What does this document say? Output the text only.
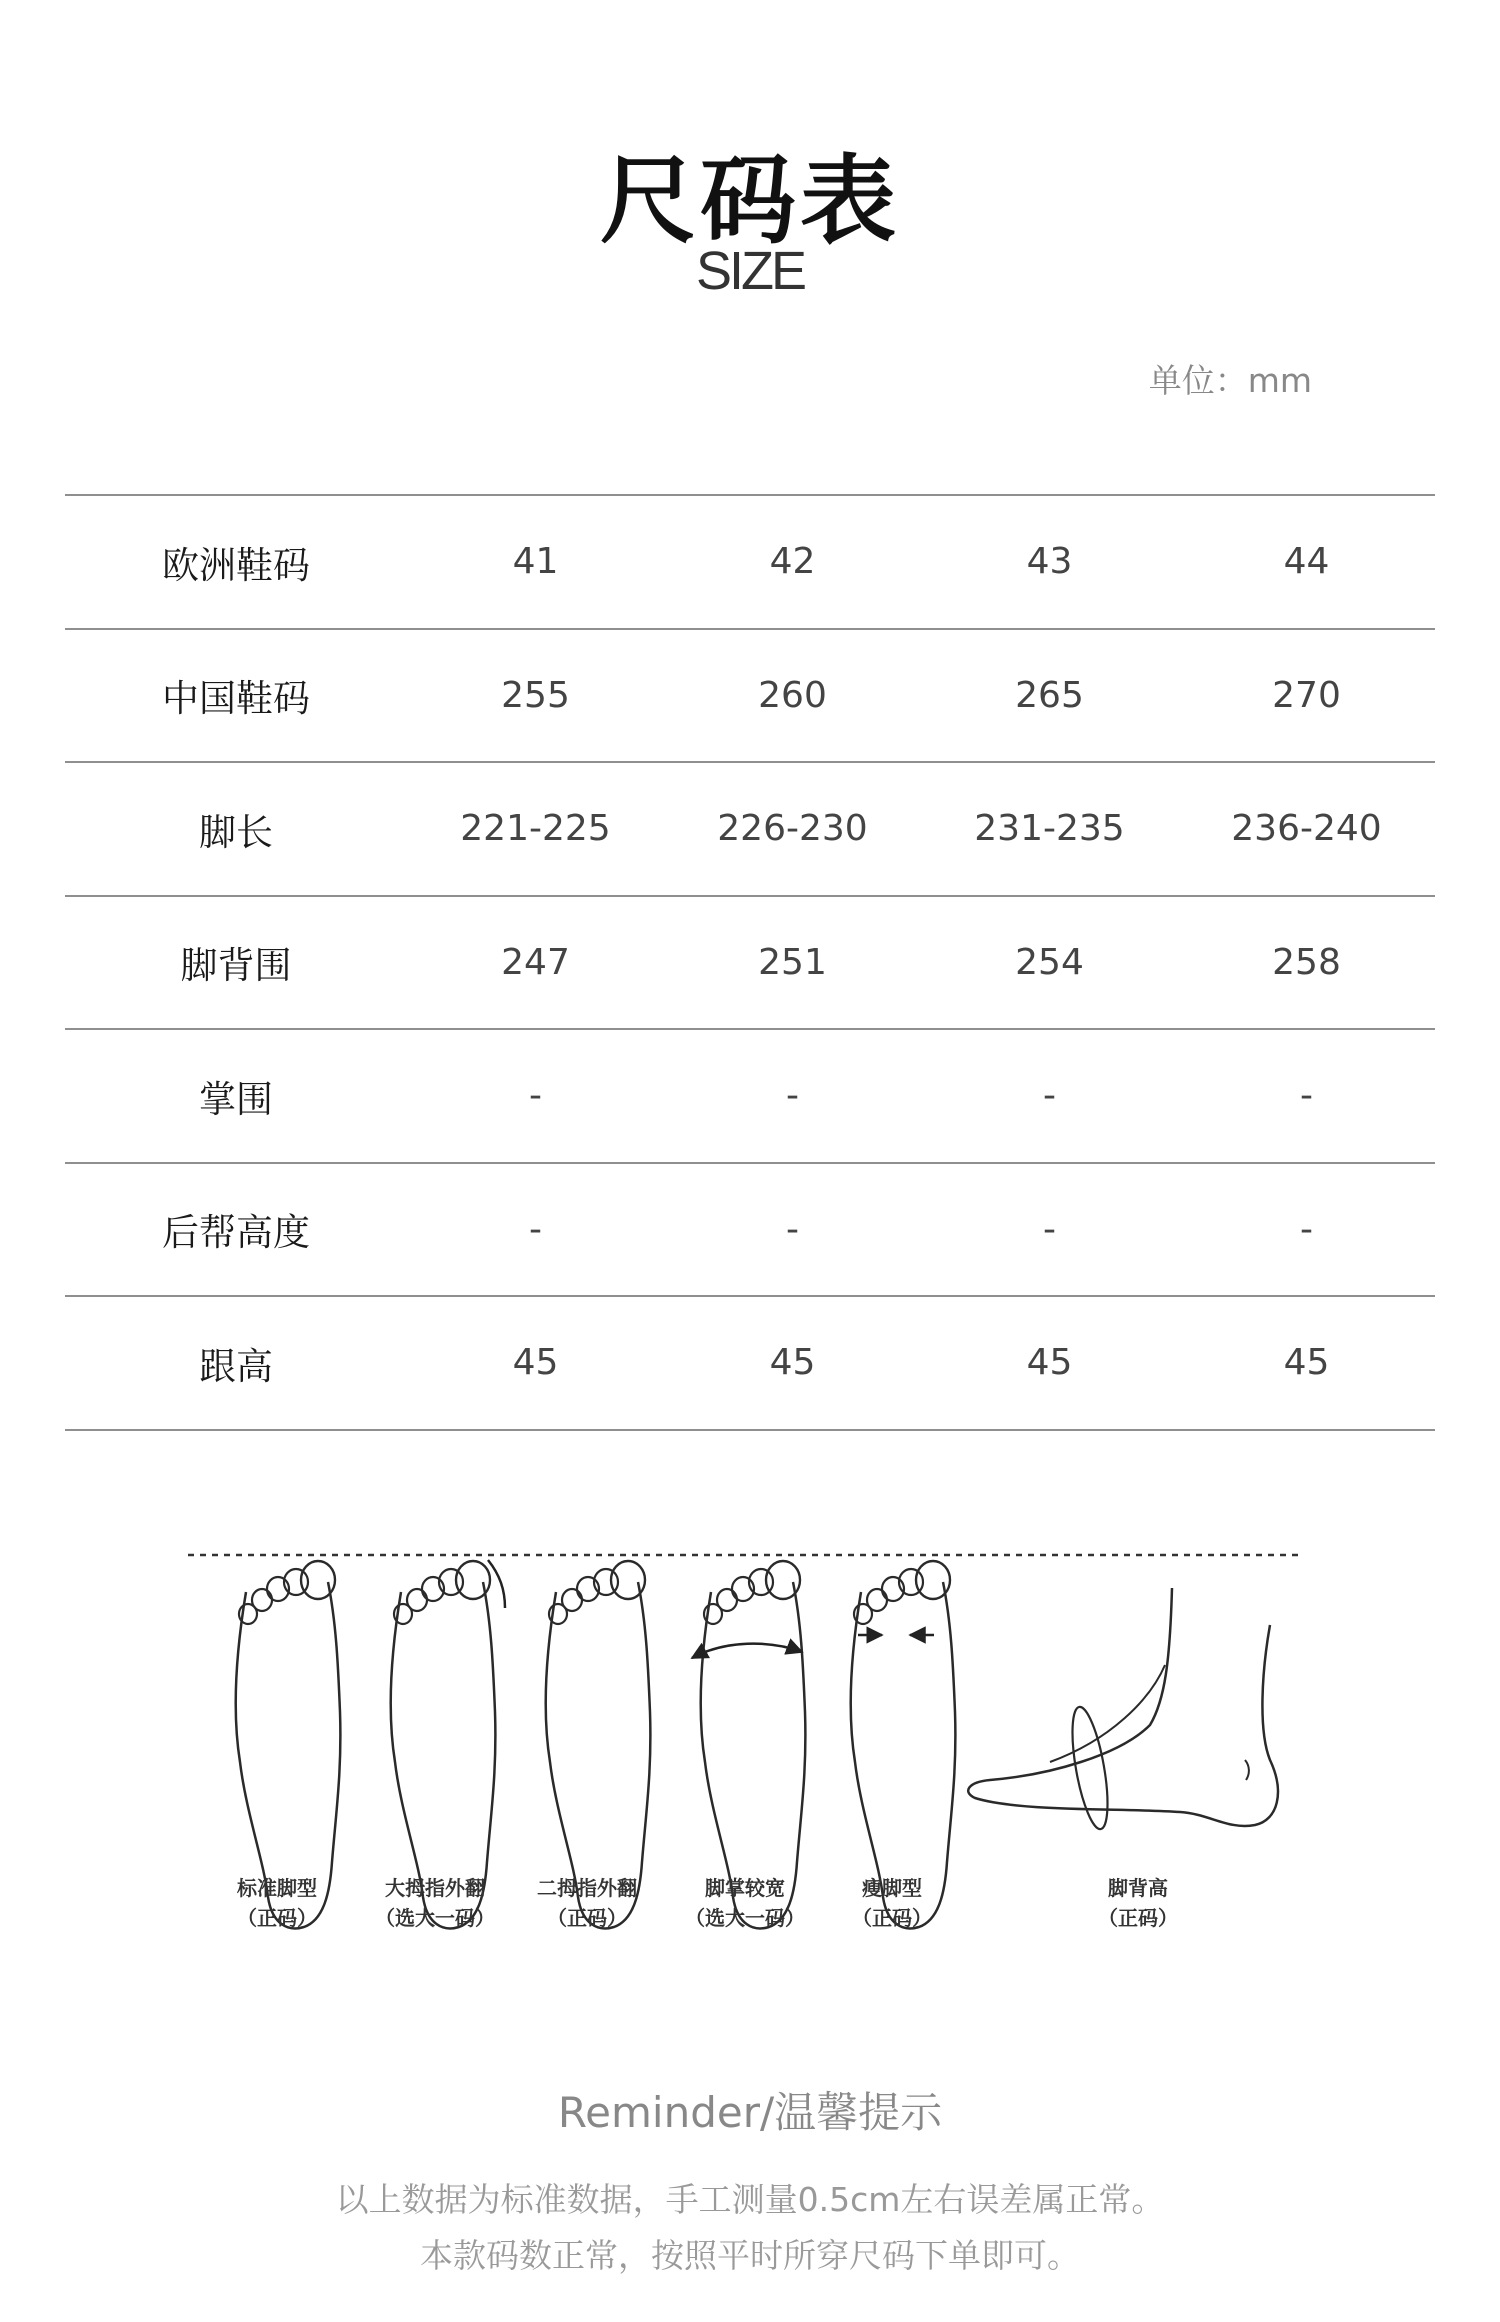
尺码表
SIZE
单位：mm
欧洲鞋码	41	42	43	44
中国鞋码	255	260	265	270
脚长	221-225	226-230	231-235	236-240
脚背围	247	251	254	258
掌围	-	-	-	-
后帮高度	-	-	-	-
跟高	45	45	45	45
标准脚型
（正码）
大拇指外翻
（选大一码）
二拇指外翻
（正码）
脚掌较宽
（选大一码）
瘦脚型
（正码）
脚背高
（正码）
Reminder/温馨提示
以上数据为标准数据，手工测量0.5cm左右误差属正常。
本款码数正常，按照平时所穿尺码下单即可。
